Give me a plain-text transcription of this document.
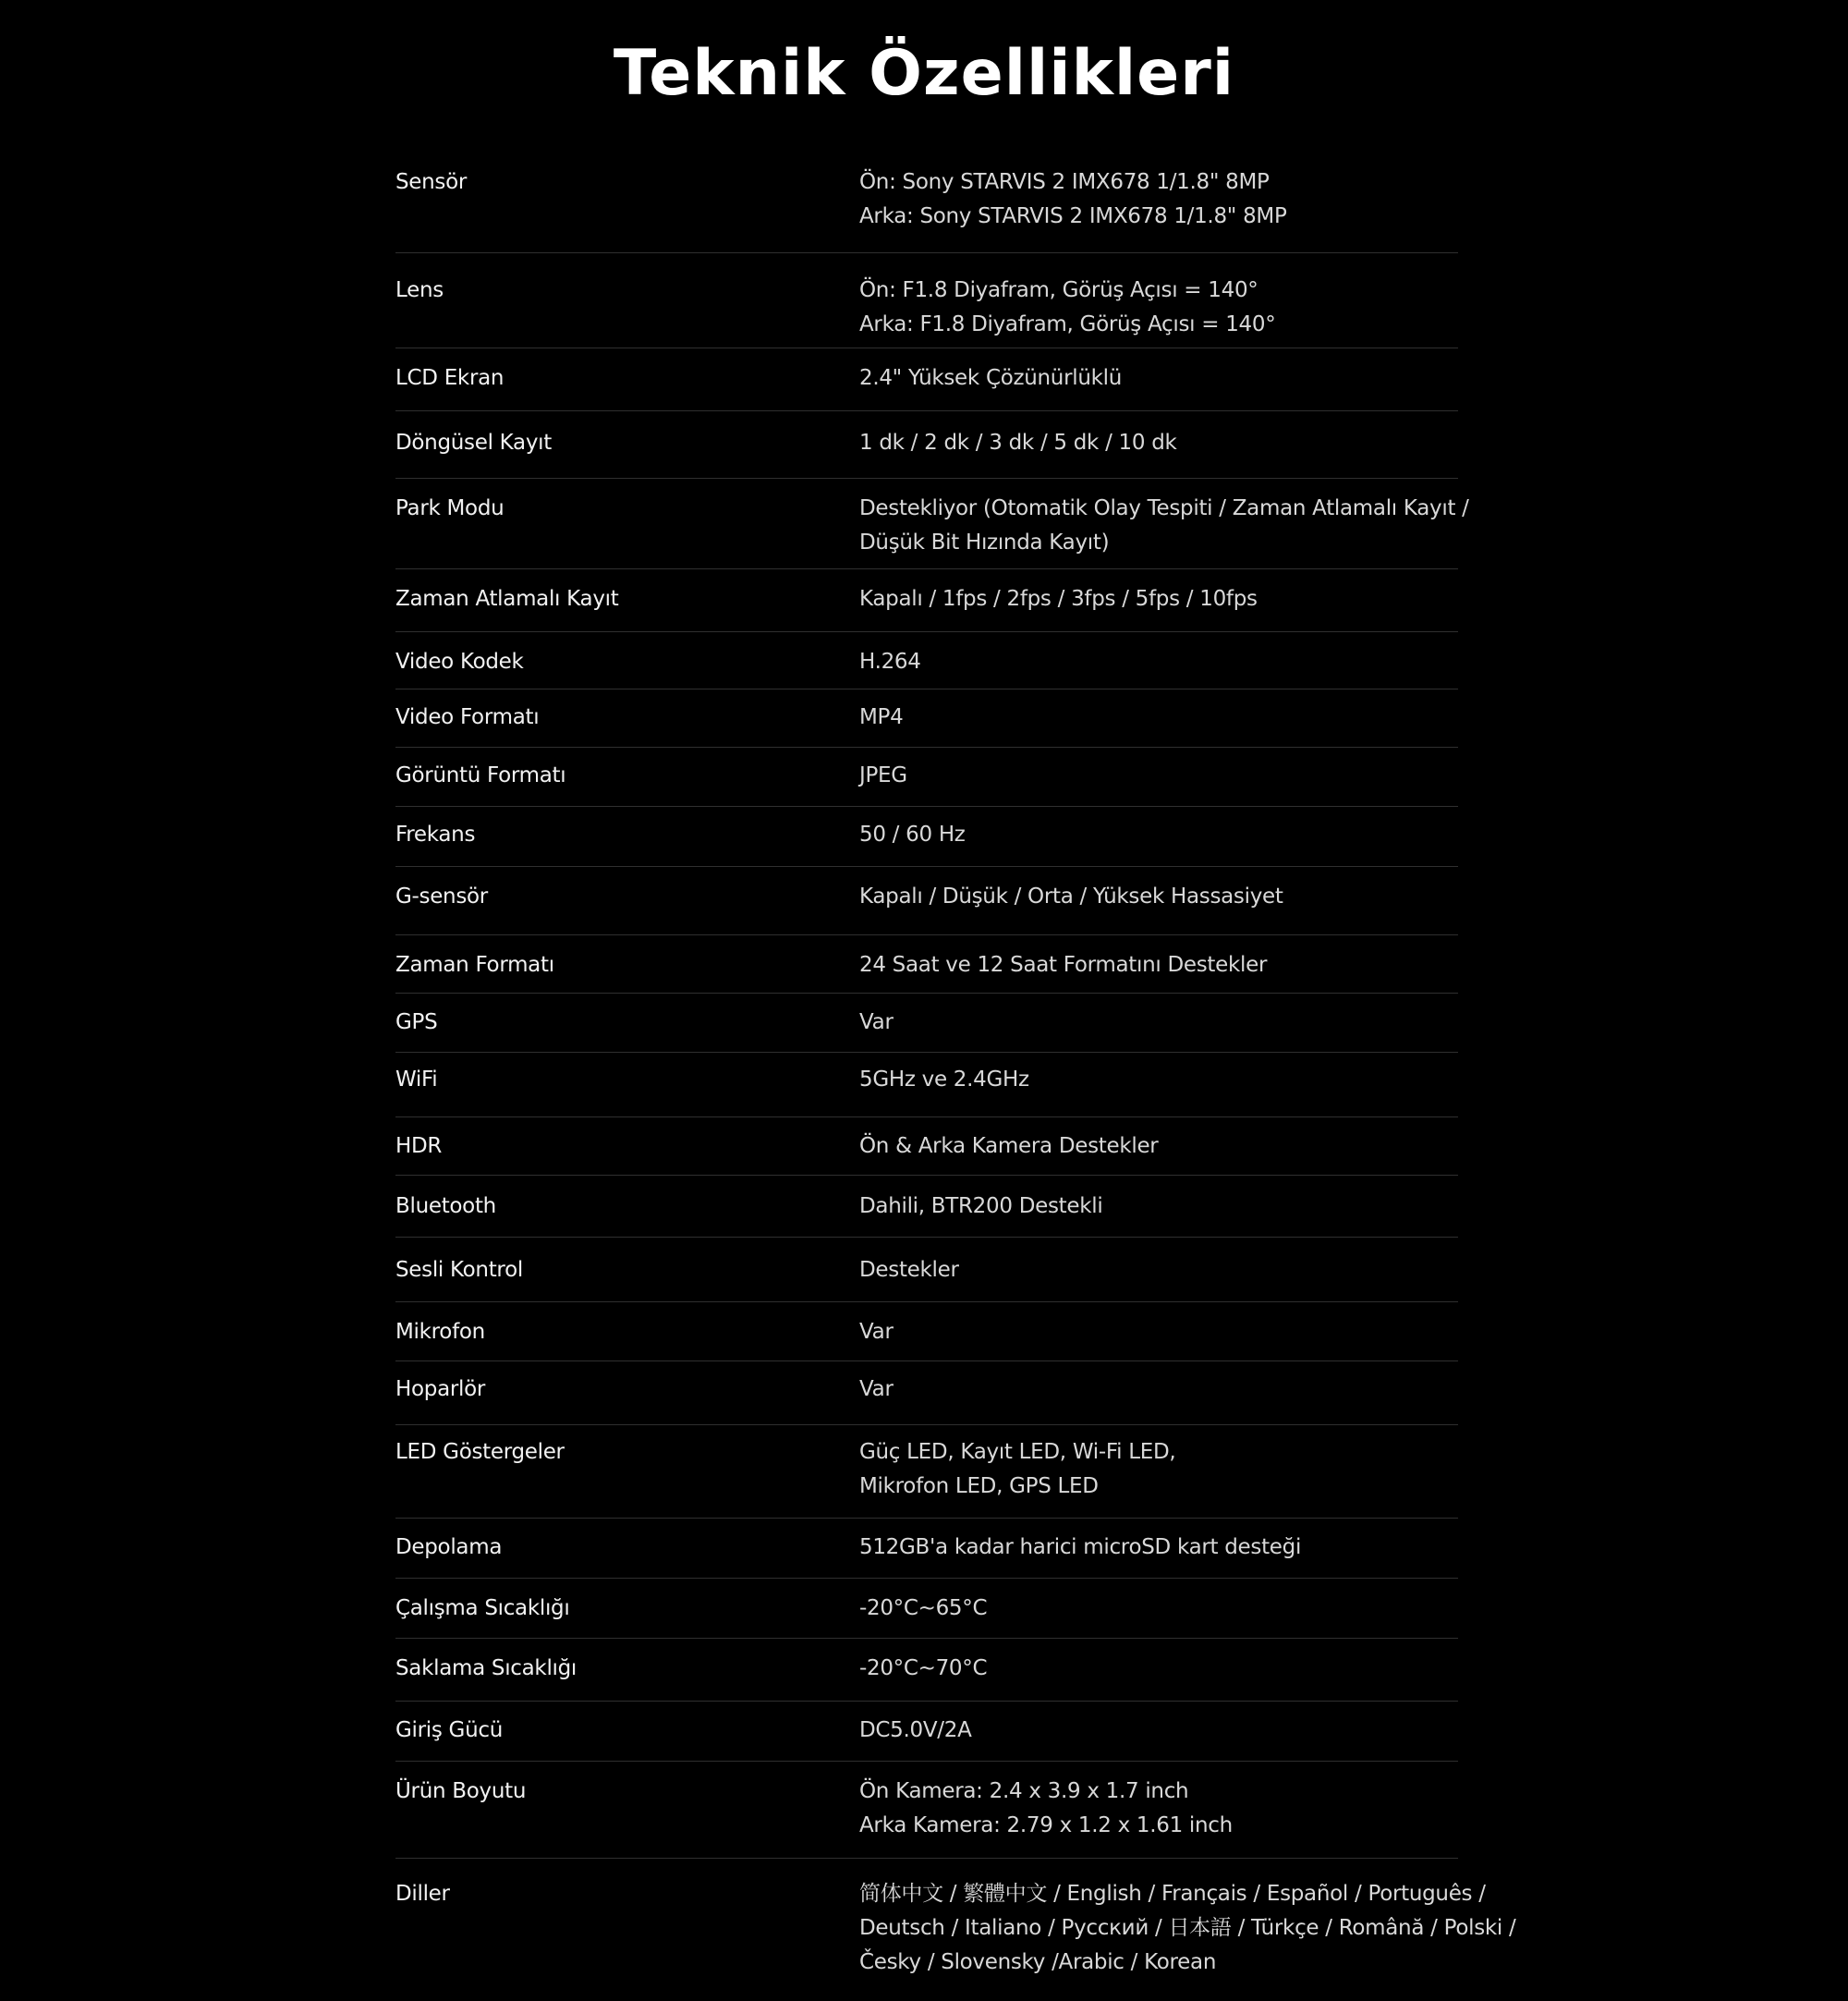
Teknik Özellikleri
Sensör	Ön: Sony STARVIS 2 IMX678 1/1.8" 8MP
Arka: Sony STARVIS 2 IMX678 1/1.8" 8MP
Lens	Ön: F1.8 Diyafram, Görüş Açısı = 140°
Arka: F1.8 Diyafram, Görüş Açısı = 140°
LCD Ekran	2.4" Yüksek Çözünürlüklü
Döngüsel Kayıt	1 dk / 2 dk / 3 dk / 5 dk / 10 dk
Park Modu	Destekliyor (Otomatik Olay Tespiti / Zaman Atlamalı Kayıt /
Düşük Bit Hızında Kayıt)
Zaman Atlamalı Kayıt	Kapalı / 1fps / 2fps / 3fps / 5fps / 10fps
Video Kodek	H.264
Video Formatı	MP4
Görüntü Formatı	JPEG
Frekans	50 / 60 Hz
G-sensör	Kapalı / Düşük / Orta / Yüksek Hassasiyet
Zaman Formatı	24 Saat ve 12 Saat Formatını Destekler
GPS	Var
WiFi	5GHz ve 2.4GHz
HDR	Ön & Arka Kamera Destekler
Bluetooth	Dahili, BTR200 Destekli
Sesli Kontrol	Destekler
Mikrofon	Var
Hoparlör	Var
LED Göstergeler	Güç LED, Kayıt LED, Wi-Fi LED,
Mikrofon LED, GPS LED
Depolama	512GB'a kadar harici microSD kart desteği
Çalışma Sıcaklığı	-20°C~65°C
Saklama Sıcaklığı	-20°C~70°C
Giriş Gücü	DC5.0V/2A
Ürün Boyutu	Ön Kamera: 2.4 x 3.9 x 1.7 inch
Arka Kamera: 2.79 x 1.2 x 1.61 inch
Diller	简体中文 / 繁體中文 / English / Français / Español / Português /
Deutsch / Italiano / Русский / 日本語 / Türkçe / Română / Polski /
Česky / Slovensky /Arabic / Korean
